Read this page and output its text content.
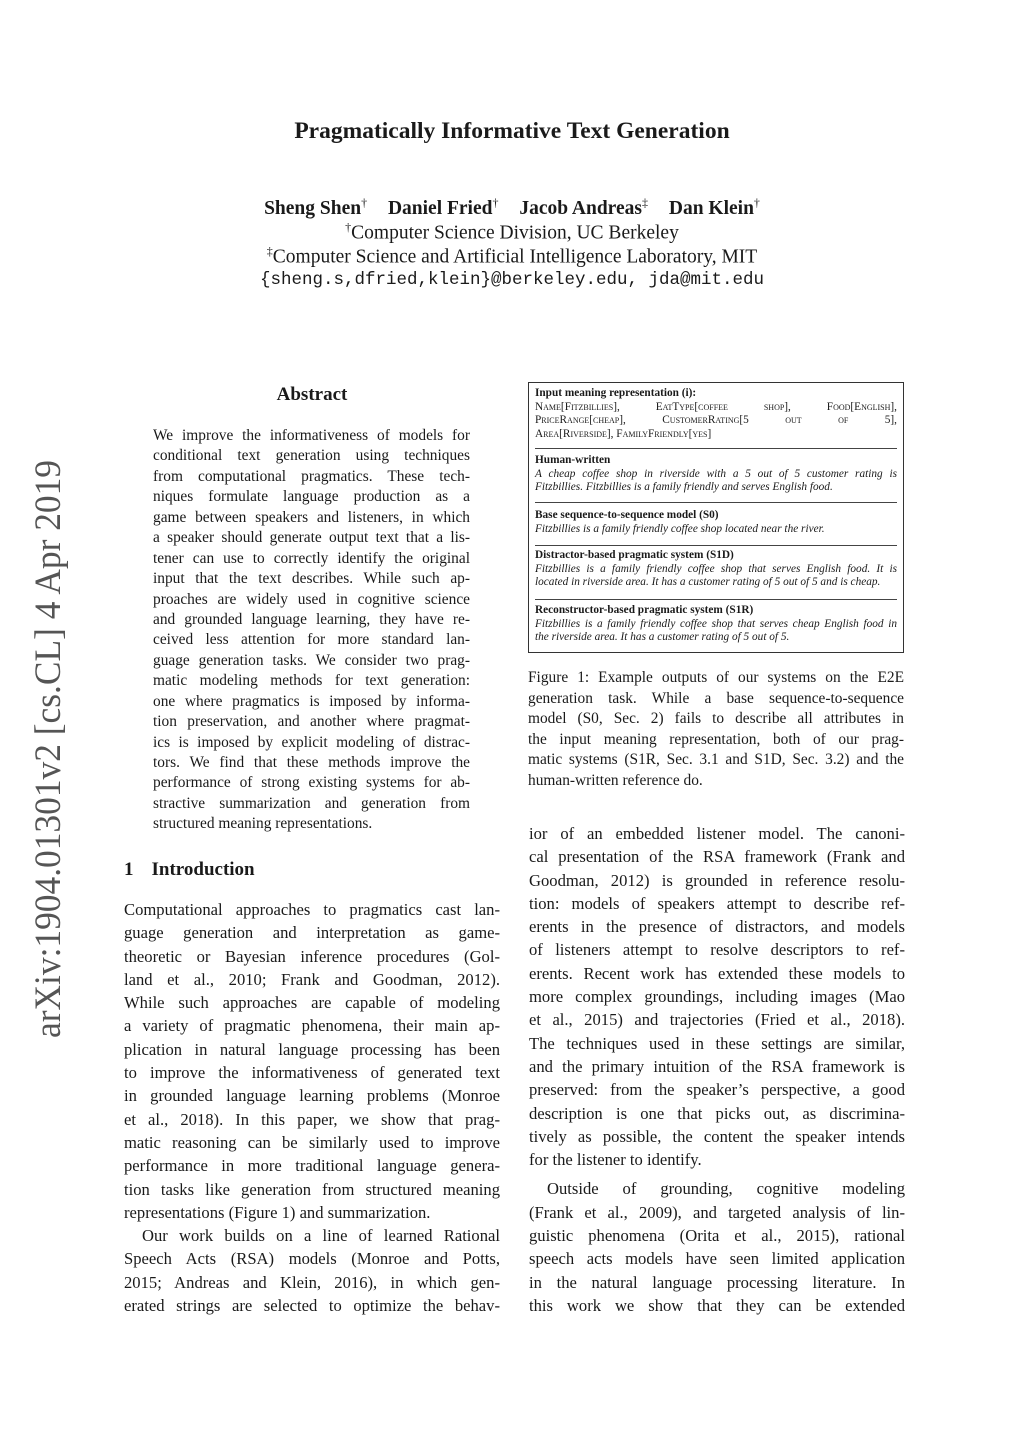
arXiv:1904.01301v2 [cs.CL] 4 Apr 2019
Pragmatically Informative Text Generation
Sheng Shen† Daniel Fried† Jacob Andreas‡ Dan Klein†
†Computer Science Division, UC Berkeley
‡Computer Science and Artificial Intelligence Laboratory, MIT
{sheng.s,dfried,klein}@berkeley.edu, jda@mit.edu
Abstract
We improve the informativeness of models for
conditional text generation using techniques
from computational pragmatics. These tech-
niques formulate language production as a
game between speakers and listeners, in which
a speaker should generate output text that a lis-
tener can use to correctly identify the original
input that the text describes. While such ap-
proaches are widely used in cognitive science
and grounded language learning, they have re-
ceived less attention for more standard lan-
guage generation tasks. We consider two prag-
matic modeling methods for text generation:
one where pragmatics is imposed by informa-
tion preservation, and another where pragmat-
ics is imposed by explicit modeling of distrac-
tors. We find that these methods improve the
performance of strong existing systems for ab-
stractive summarization and generation from
structured meaning representations.
Input meaning representation (i):
Name[Fitzbillies], EatType[coffee shop], Food[English],
PriceRange[cheap], CustomerRating[5 out of 5],
Area[Riverside], FamilyFriendly[yes]
Human-written
A cheap coffee shop in riverside with a 5 out of 5 customer rating is
Fitzbillies. Fitzbillies is a family friendly and serves English food.
Base sequence-to-sequence model (S0)
Fitzbillies is a family friendly coffee shop located near the river.
Distractor-based pragmatic system (S1D)
Fitzbillies is a family friendly coffee shop that serves English food. It is
located in riverside area. It has a customer rating of 5 out of 5 and is cheap.
Reconstructor-based pragmatic system (S1R)
Fitzbillies is a family friendly coffee shop that serves cheap English food in
the riverside area. It has a customer rating of 5 out of 5.
Figure 1: Example outputs of our systems on the E2E
generation task. While a base sequence-to-sequence
model (S0, Sec. 2) fails to describe all attributes in
the input meaning representation, both of our prag-
matic systems (S1R, Sec. 3.1 and S1D, Sec. 3.2) and the
human-written reference do.
1 Introduction
Computational approaches to pragmatics cast lan-
guage generation and interpretation as game-
theoretic or Bayesian inference procedures (Gol-
land et al., 2010; Frank and Goodman, 2012).
While such approaches are capable of modeling
a variety of pragmatic phenomena, their main ap-
plication in natural language processing has been
to improve the informativeness of generated text
in grounded language learning problems (Monroe
et al., 2018). In this paper, we show that prag-
matic reasoning can be similarly used to improve
performance in more traditional language genera-
tion tasks like generation from structured meaning
representations (Figure 1) and summarization.
Our work builds on a line of learned Rational
Speech Acts (RSA) models (Monroe and Potts,
2015; Andreas and Klein, 2016), in which gen-
erated strings are selected to optimize the behav-
ior of an embedded listener model. The canoni-
cal presentation of the RSA framework (Frank and
Goodman, 2012) is grounded in reference resolu-
tion: models of speakers attempt to describe ref-
erents in the presence of distractors, and models
of listeners attempt to resolve descriptors to ref-
erents. Recent work has extended these models to
more complex groundings, including images (Mao
et al., 2015) and trajectories (Fried et al., 2018).
The techniques used in these settings are similar,
and the primary intuition of the RSA framework is
preserved: from the speaker’s perspective, a good
description is one that picks out, as discrimina-
tively as possible, the content the speaker intends
for the listener to identify.
Outside of grounding, cognitive modeling
(Frank et al., 2009), and targeted analysis of lin-
guistic phenomena (Orita et al., 2015), rational
speech acts models have seen limited application
in the natural language processing literature. In
this work we show that they can be extended
